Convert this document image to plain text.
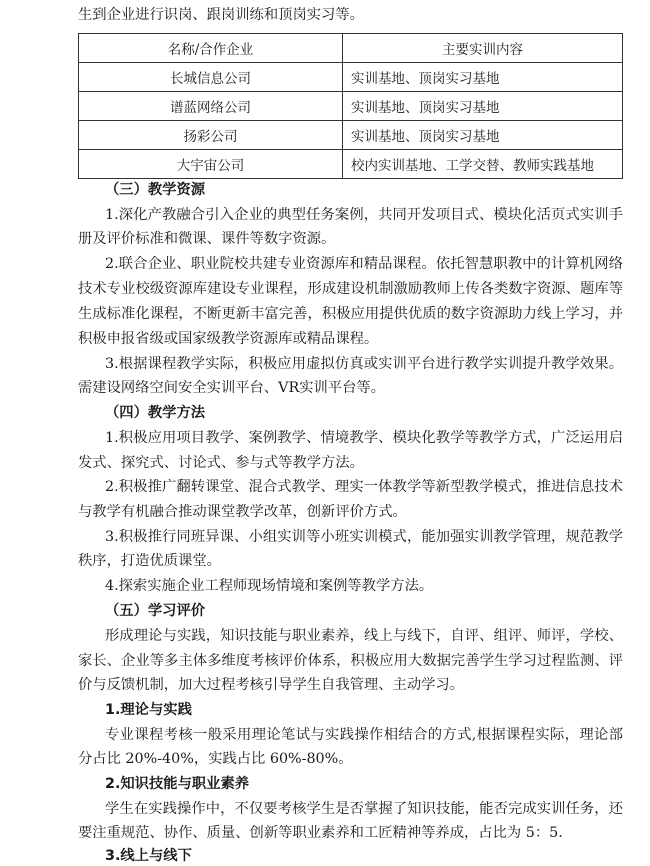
生到企业进行识岗、跟岗训练和顶岗实习等。
名称/合作企业	主要实训内容
长城信息公司	实训基地、顶岗实习基地
谱蓝网络公司	实训基地、顶岗实习基地
扬彩公司	实训基地、顶岗实习基地
大宇宙公司	校内实训基地、工学交替、教师实践基地
（三）教学资源
1.深化产教融合引入企业的典型任务案例，共同开发项目式、模块化活页式实训手
册及评价标准和微课、课件等数字资源。
2.联合企业、职业院校共建专业资源库和精品课程。依托智慧职教中的计算机网络
技术专业校级资源库建设专业课程，形成建设机制激励教师上传各类数字资源、题库等
生成标准化课程，不断更新丰富完善，积极应用提供优质的数字资源助力线上学习，并
积极申报省级或国家级教学资源库或精品课程。
3.根据课程教学实际，积极应用虚拟仿真或实训平台进行教学实训提升教学效果。
需建设网络空间安全实训平台、VR实训平台等。
（四）教学方法
1.积极应用项目教学、案例教学、情境教学、模块化教学等教学方式，广泛运用启
发式、探究式、讨论式、参与式等教学方法。
2.积极推广翻转课堂、混合式教学、理实一体教学等新型教学模式，推进信息技术
与教学有机融合推动课堂教学改革，创新评价方式。
3.积极推行同班异课、小组实训等小班实训模式，能加强实训教学管理，规范教学
秩序，打造优质课堂。
4.探索实施企业工程师现场情境和案例等教学方法。
（五）学习评价
形成理论与实践，知识技能与职业素养，线上与线下，自评、组评、师评，学校、
家长、企业等多主体多维度考核评价体系，积极应用大数据完善学生学习过程监测、评
价与反馈机制，加大过程考核引导学生自我管理、主动学习。
1.理论与实践
专业课程考核一般采用理论笔试与实践操作相结合的方式,根据课程实际，理论部
分占比 20%-40%，实践占比 60%-80%。
2.知识技能与职业素养
学生在实践操作中，不仅要考核学生是否掌握了知识技能，能否完成实训任务，还
要注重规范、协作、质量、创新等职业素养和工匠精神等养成，占比为 5：5.
3.线上与线下
